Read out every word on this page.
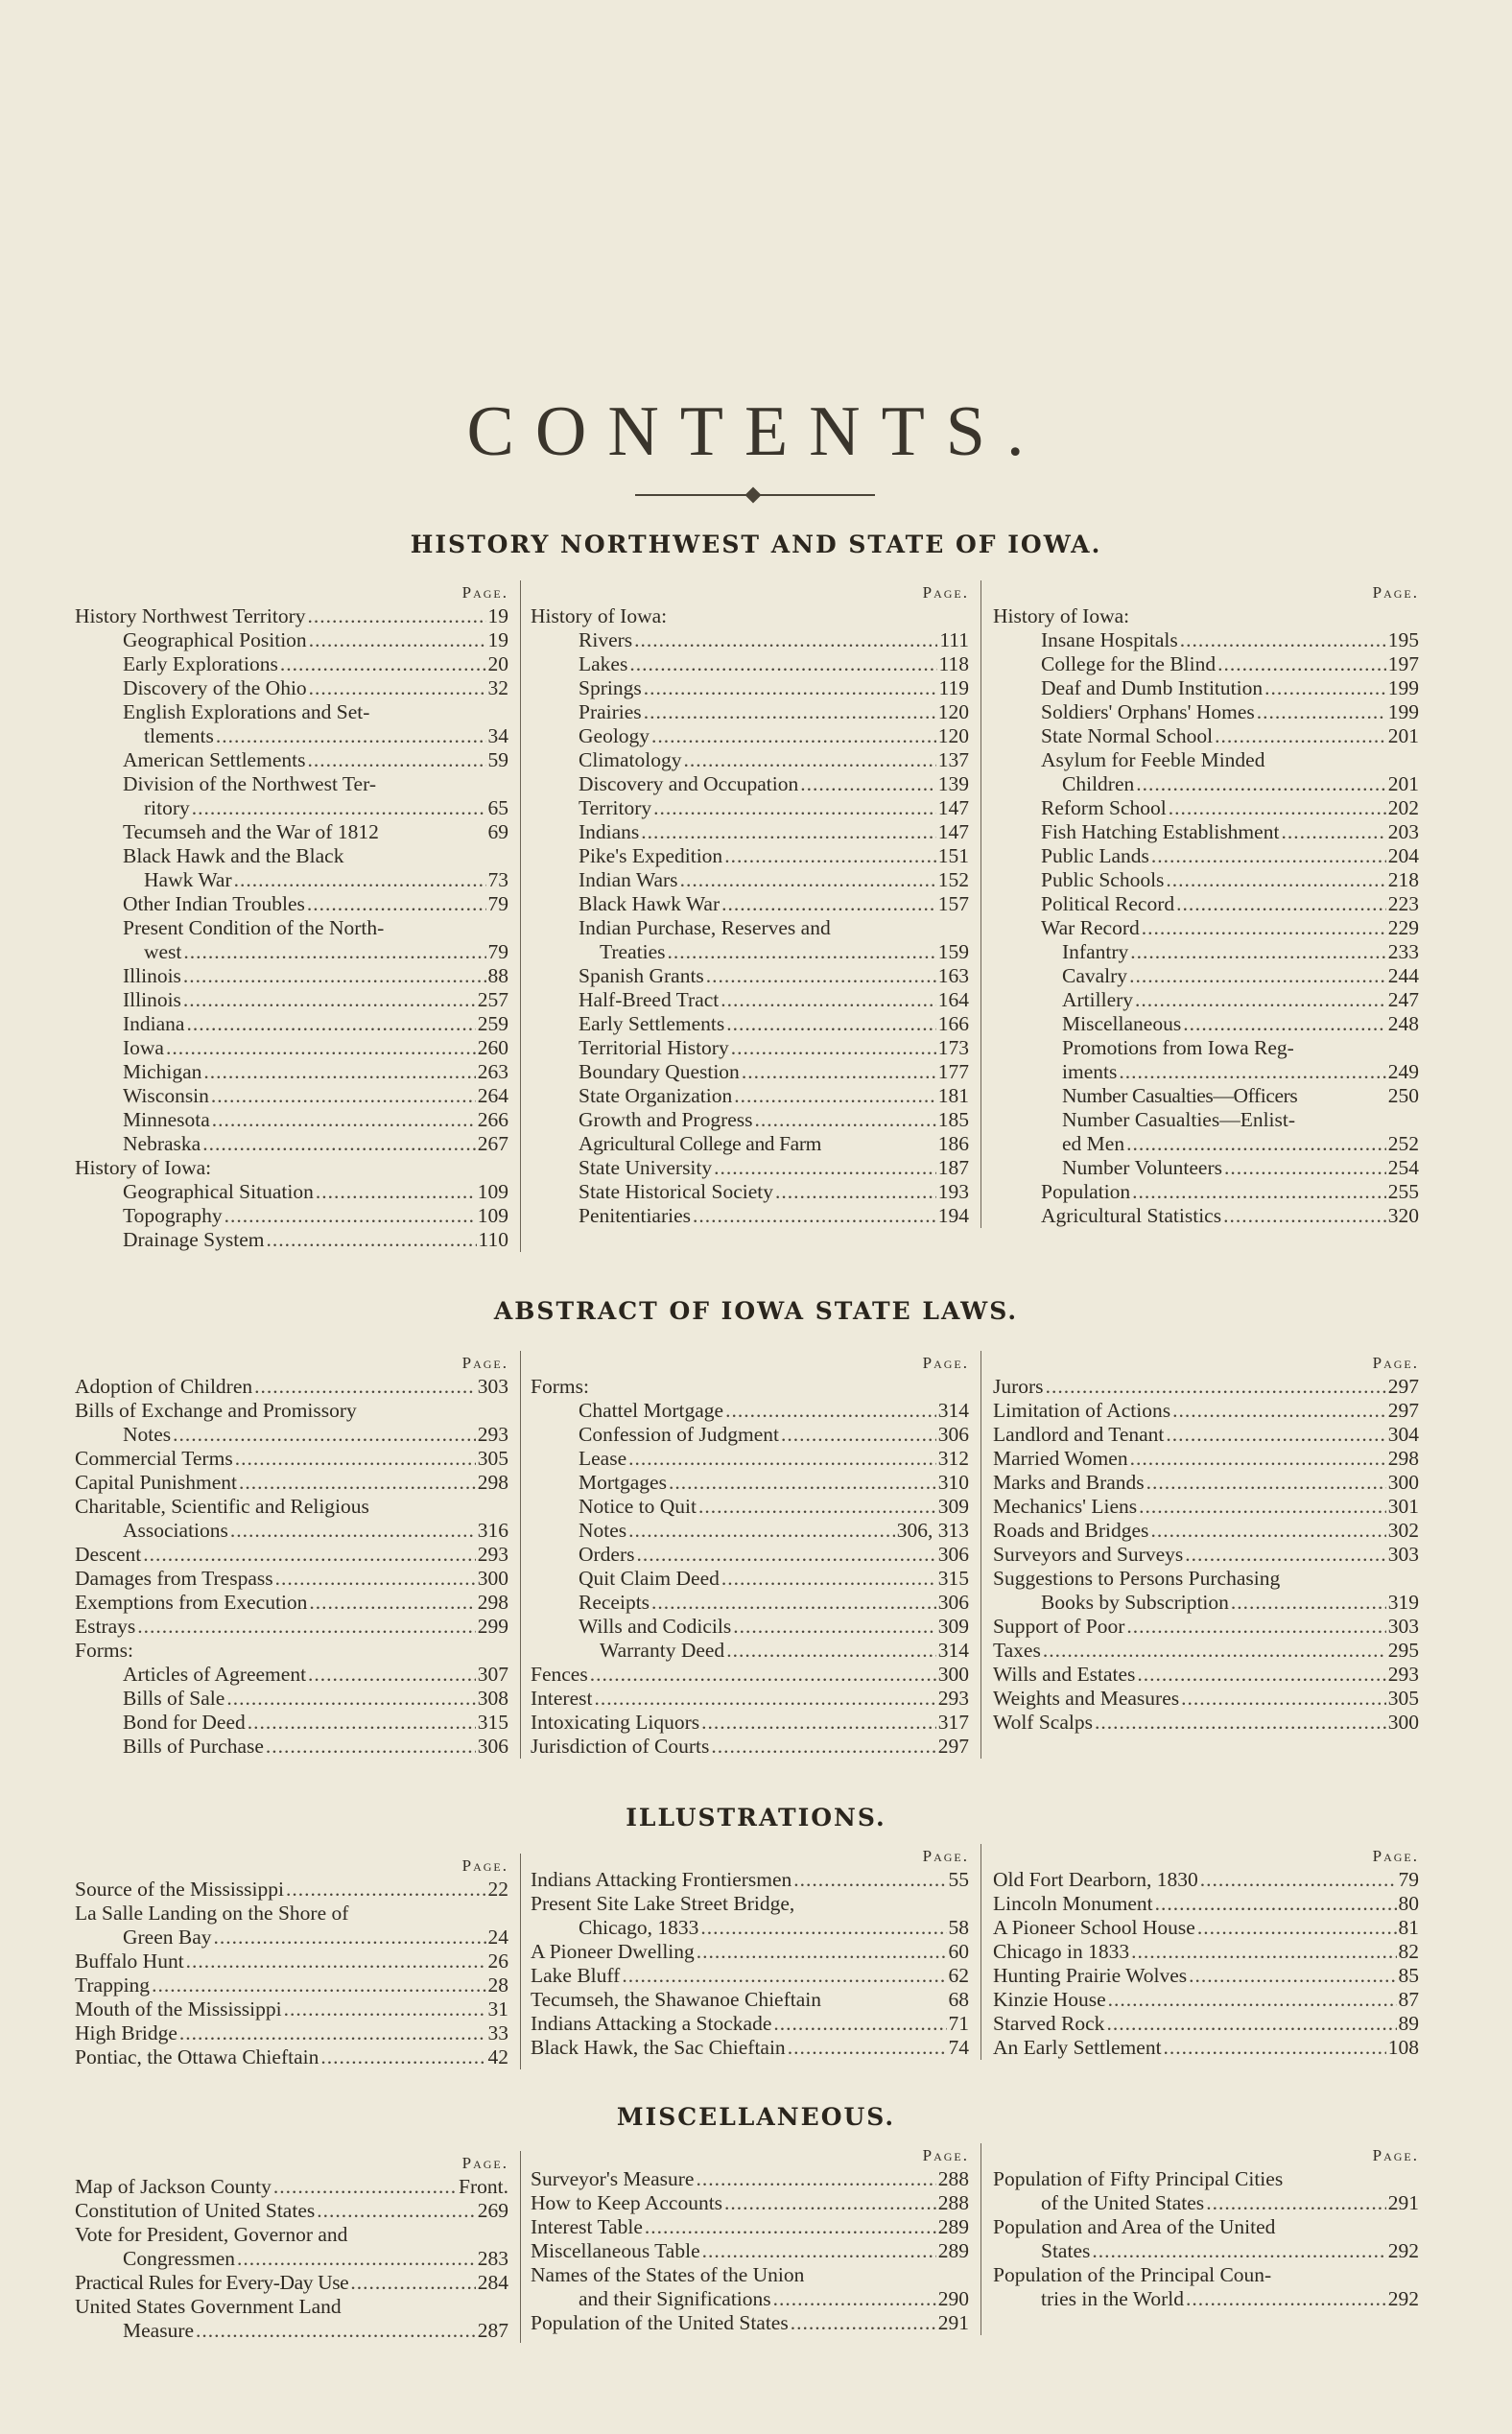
CONTENTS.
HISTORY NORTHWEST AND STATE OF IOWA.
Page.
History Northwest Territory .....	19
Geographical Position .....	19
Early Explorations .....	20
Discovery of the Ohio .....	32
English Explorations and Set-
tlements .....	34
American Settlements .....	59
Division of the Northwest Ter-
ritory .....	65
Tecumseh and the War of 1812	69
Black Hawk and the Black
Hawk War .....	73
Other Indian Troubles .....	79
Present Condition of the North-
west .....	79
Illinois .....	88
Illinois .....	257
Indiana .....	259
Iowa .....	260
Michigan .....	263
Wisconsin .....	264
Minnesota .....	266
Nebraska .....	267
History of Iowa:
Geographical Situation .....	109
Topography .....	109
Drainage System .....	110
Page.
History of Iowa:
Rivers .....	111
Lakes .....	118
Springs .....	119
Prairies .....	120
Geology .....	120
Climatology .....	137
Discovery and Occupation .....	139
Territory .....	147
Indians .....	147
Pike's Expedition .....	151
Indian Wars .....	152
Black Hawk War .....	157
Indian Purchase, Reserves and
Treaties .....	159
Spanish Grants .....	163
Half-Breed Tract .....	164
Early Settlements .....	166
Territorial History .....	173
Boundary Question .....	177
State Organization .....	181
Growth and Progress .....	185
Agricultural College and Farm	186
State University .....	187
State Historical Society .....	193
Penitentiaries .....	194
Page.
History of Iowa:
Insane Hospitals .....	195
College for the Blind .....	197
Deaf and Dumb Institution .....	199
Soldiers' Orphans' Homes .....	199
State Normal School .....	201
Asylum for Feeble Minded
Children .....	201
Reform School .....	202
Fish Hatching Establishment .....	203
Public Lands .....	204
Public Schools .....	218
Political Record .....	223
War Record .....	229
Infantry .....	233
Cavalry .....	244
Artillery .....	247
Miscellaneous .....	248
Promotions from Iowa Reg-
iments .....	249
Number Casualties—Officers	250
Number Casualties—Enlist-
ed Men .....	252
Number Volunteers .....	254
Population .....	255
Agricultural Statistics .....	320
ABSTRACT OF IOWA STATE LAWS.
Page.
Adoption of Children .....	303
Bills of Exchange and Promissory
Notes .....	293
Commercial Terms .....	305
Capital Punishment .....	298
Charitable, Scientific and Religious
Associations .....	316
Descent .....	293
Damages from Trespass .....	300
Exemptions from Execution .....	298
Estrays .....	299
Forms:
Articles of Agreement .....	307
Bills of Sale .....	308
Bond for Deed .....	315
Bills of Purchase .....	306
Page.
Forms:
Chattel Mortgage .....	314
Confession of Judgment .....	306
Lease .....	312
Mortgages .....	310
Notice to Quit .....	309
Notes .....	306, 313
Orders .....	306
Quit Claim Deed .....	315
Receipts .....	306
Wills and Codicils .....	309
Warranty Deed .....	314
Fences .....	300
Interest .....	293
Intoxicating Liquors .....	317
Jurisdiction of Courts .....	297
Page.
Jurors .....	297
Limitation of Actions .....	297
Landlord and Tenant .....	304
Married Women .....	298
Marks and Brands .....	300
Mechanics' Liens .....	301
Roads and Bridges .....	302
Surveyors and Surveys .....	303
Suggestions to Persons Purchasing
Books by Subscription .....	319
Support of Poor .....	303
Taxes .....	295
Wills and Estates .....	293
Weights and Measures .....	305
Wolf Scalps .....	300
ILLUSTRATIONS.
Page.
Source of the Mississippi .....	22
La Salle Landing on the Shore of
Green Bay .....	24
Buffalo Hunt .....	26
Trapping .....	28
Mouth of the Mississippi .....	31
High Bridge .....	33
Pontiac, the Ottawa Chieftain .....	42
Page.
Indians Attacking Frontiersmen .....	55
Present Site Lake Street Bridge,
Chicago, 1833 .....	58
A Pioneer Dwelling .....	60
Lake Bluff .....	62
Tecumseh, the Shawanoe Chieftain	68
Indians Attacking a Stockade .....	71
Black Hawk, the Sac Chieftain .....	74
Page.
Old Fort Dearborn, 1830 .....	79
Lincoln Monument .....	80
A Pioneer School House .....	81
Chicago in 1833 .....	82
Hunting Prairie Wolves .....	85
Kinzie House .....	87
Starved Rock .....	89
An Early Settlement .....	108
MISCELLANEOUS.
Page.
Map of Jackson County .....	Front.
Constitution of United States .....	269
Vote for President, Governor and
Congressmen .....	283
Practical Rules for Every-Day Use .....	284
United States Government Land
Measure .....	287
Page.
Surveyor's Measure .....	288
How to Keep Accounts .....	288
Interest Table .....	289
Miscellaneous Table .....	289
Names of the States of the Union
and their Significations .....	290
Population of the United States .....	291
Page.
Population of Fifty Principal Cities
of the United States .....	291
Population and Area of the United
States .....	292
Population of the Principal Coun-
tries in the World .....	292
